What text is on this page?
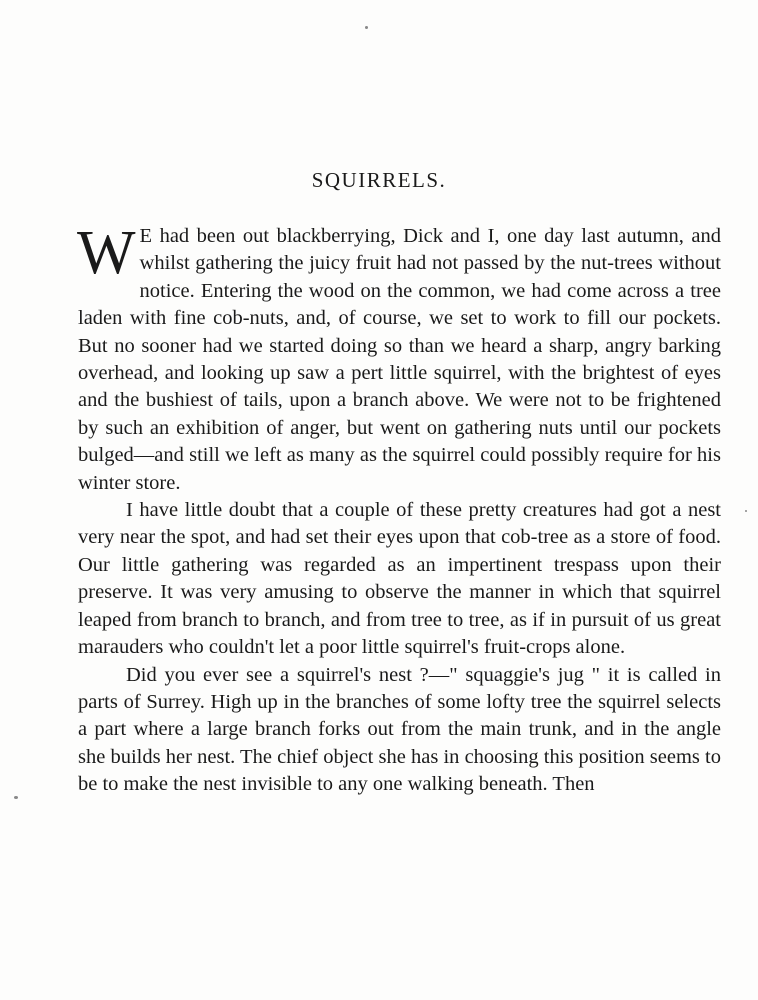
SQUIRRELS.

W E had been out blackberrying, Dick and I, one day last autumn, and whilst gathering the juicy fruit had not passed by the nut-trees without notice. Entering the wood on the common, we had come across a tree laden with fine cob-nuts, and, of course, we set to work to fill our pockets. But no sooner had we started doing so than we heard a sharp, angry barking overhead, and looking up saw a pert little squirrel, with the brightest of eyes and the bushiest of tails, upon a branch above. We were not to be frightened by such an exhibition of anger, but went on gathering nuts until our pockets bulged—and still we left as many as the squirrel could possibly require for his winter store.

I have little doubt that a couple of these pretty creatures had got a nest very near the spot, and had set their eyes upon that cob-tree as a store of food. Our little gathering was regarded as an impertinent trespass upon their preserve. It was very amusing to observe the manner in which that squirrel leaped from branch to branch, and from tree to tree, as if in pursuit of us great marauders who couldn't let a poor little squirrel's fruit-crops alone.

Did you ever see a squirrel's nest ?—" squaggie's jug " it is called in parts of Surrey. High up in the branches of some lofty tree the squirrel selects a part where a large branch forks out from the main trunk, and in the angle she builds her nest. The chief object she has in choosing this position seems to be to make the nest invisible to any one walking beneath. Then
